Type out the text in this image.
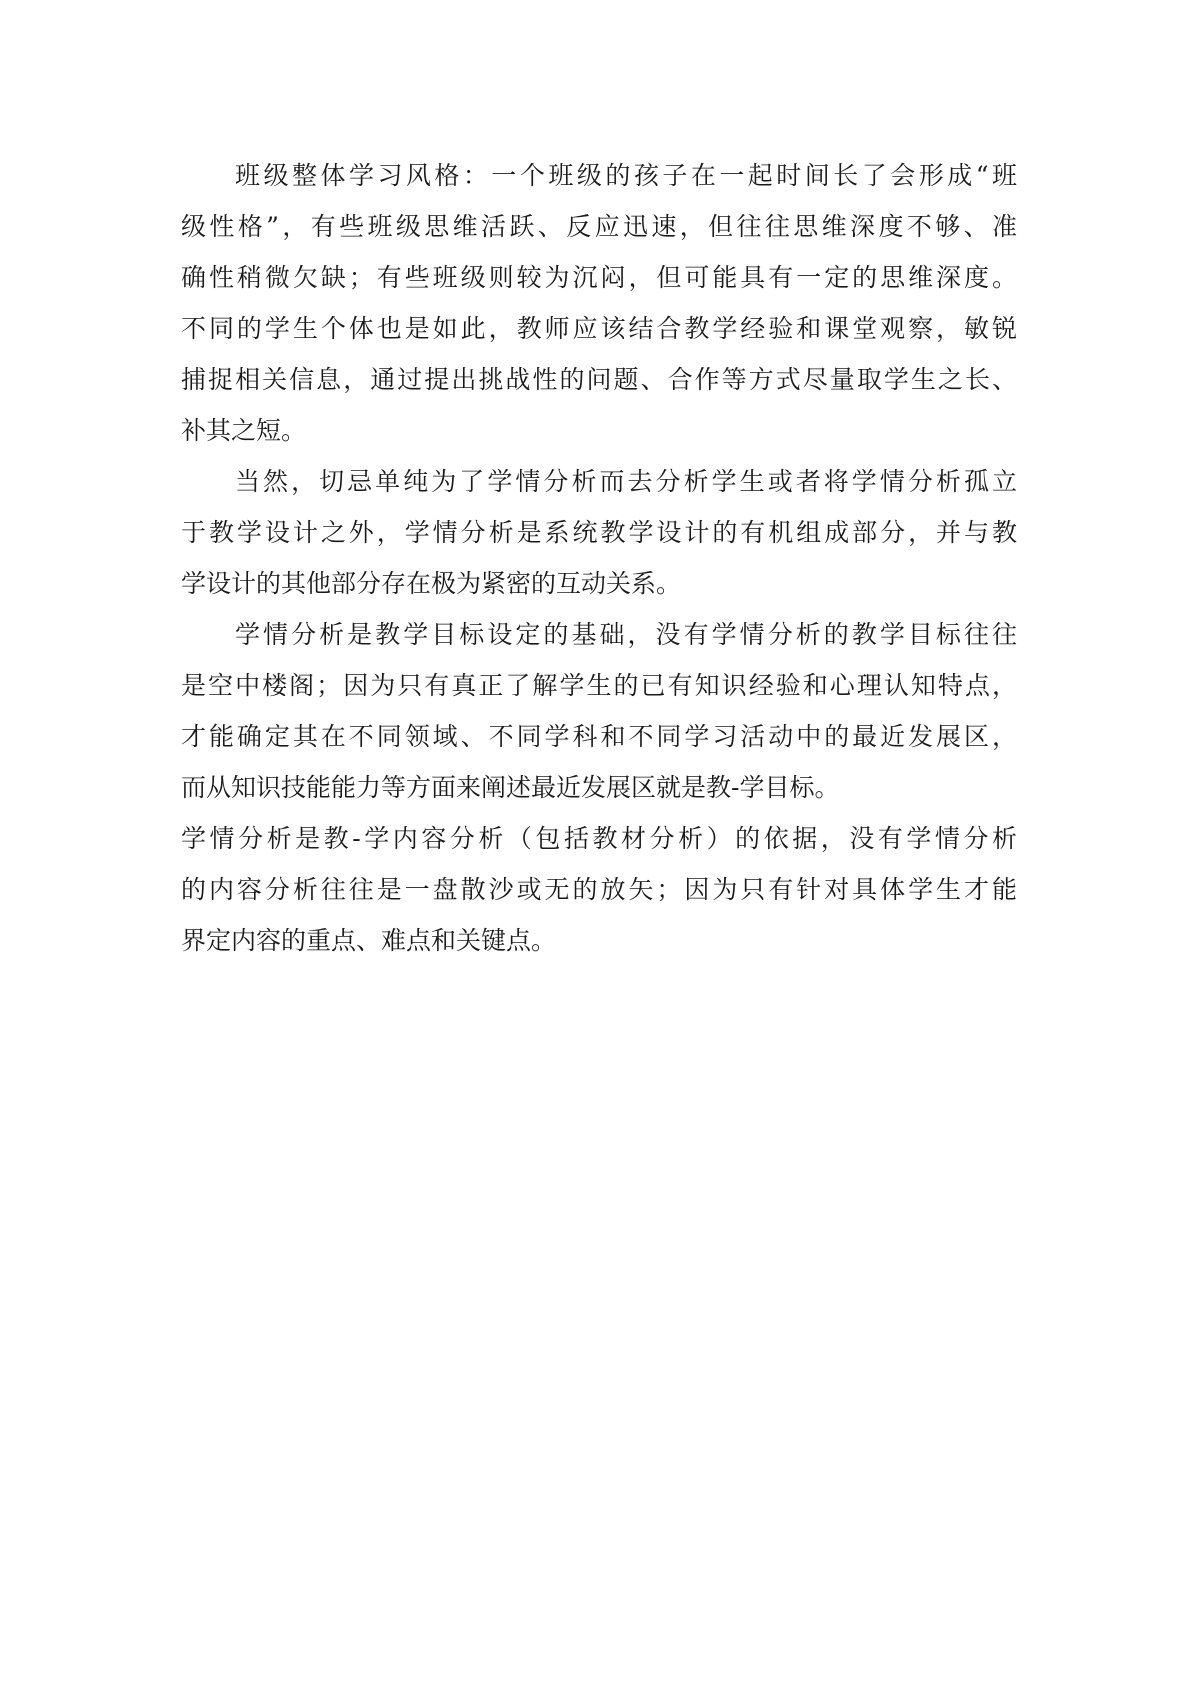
班级整体学习风格：一个班级的孩子在一起时间长了会形成“班
级性格”，有些班级思维活跃、反应迅速，但往往思维深度不够、准
确性稍微欠缺；有些班级则较为沉闷，但可能具有一定的思维深度。
不同的学生个体也是如此，教师应该结合教学经验和课堂观察，敏锐
捕捉相关信息，通过提出挑战性的问题、合作等方式尽量取学生之长、
补其之短。
当然，切忌单纯为了学情分析而去分析学生或者将学情分析孤立
于教学设计之外，学情分析是系统教学设计的有机组成部分，并与教
学设计的其他部分存在极为紧密的互动关系。
学情分析是教学目标设定的基础，没有学情分析的教学目标往往
是空中楼阁；因为只有真正了解学生的已有知识经验和心理认知特点，
才能确定其在不同领域、不同学科和不同学习活动中的最近发展区，
而从知识技能能力等方面来阐述最近发展区就是教-学目标。
学情分析是教-学内容分析（包括教材分析）的依据，没有学情分析
的内容分析往往是一盘散沙或无的放矢；因为只有针对具体学生才能
界定内容的重点、难点和关键点。
